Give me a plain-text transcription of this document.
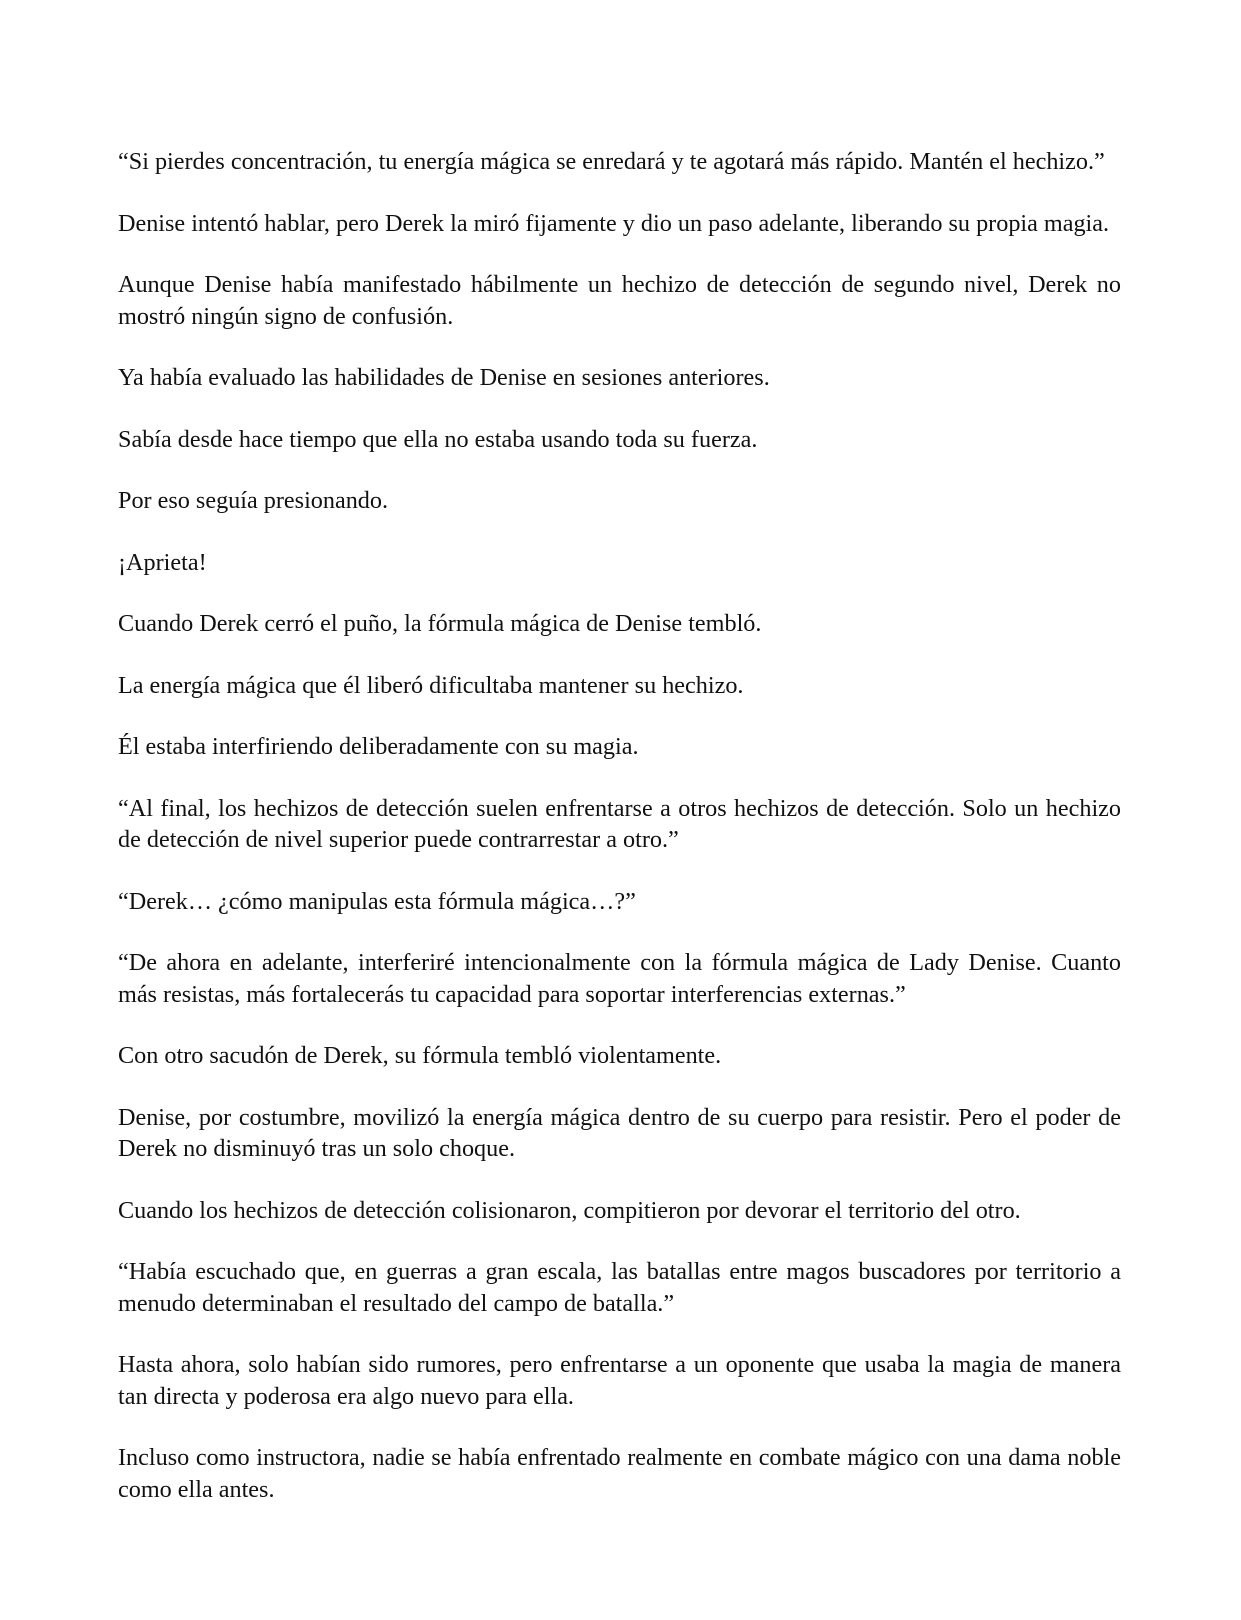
“Si pierdes concentración, tu energía mágica se enredará y te agotará más rápido. Mantén el hechizo.”

Denise intentó hablar, pero Derek la miró fijamente y dio un paso adelante, liberando su propia magia.

Aunque Denise había manifestado hábilmente un hechizo de detección de segundo nivel, Derek no mostró ningún signo de confusión.

Ya había evaluado las habilidades de Denise en sesiones anteriores.

Sabía desde hace tiempo que ella no estaba usando toda su fuerza.

Por eso seguía presionando.

¡Aprieta!

Cuando Derek cerró el puño, la fórmula mágica de Denise tembló.

La energía mágica que él liberó dificultaba mantener su hechizo.

Él estaba interfiriendo deliberadamente con su magia.

“Al final, los hechizos de detección suelen enfrentarse a otros hechizos de detección. Solo un hechizo de detección de nivel superior puede contrarrestar a otro.”

“Derek… ¿cómo manipulas esta fórmula mágica…?”

“De ahora en adelante, interferiré intencionalmente con la fórmula mágica de Lady Denise. Cuanto más resistas, más fortalecerás tu capacidad para soportar interferencias externas.”

Con otro sacudón de Derek, su fórmula tembló violentamente.

Denise, por costumbre, movilizó la energía mágica dentro de su cuerpo para resistir. Pero el poder de Derek no disminuyó tras un solo choque.

Cuando los hechizos de detección colisionaron, compitieron por devorar el territorio del otro.

“Había escuchado que, en guerras a gran escala, las batallas entre magos buscadores por territorio a menudo determinaban el resultado del campo de batalla.”

Hasta ahora, solo habían sido rumores, pero enfrentarse a un oponente que usaba la magia de manera tan directa y poderosa era algo nuevo para ella.

Incluso como instructora, nadie se había enfrentado realmente en combate mágico con una dama noble como ella antes.
